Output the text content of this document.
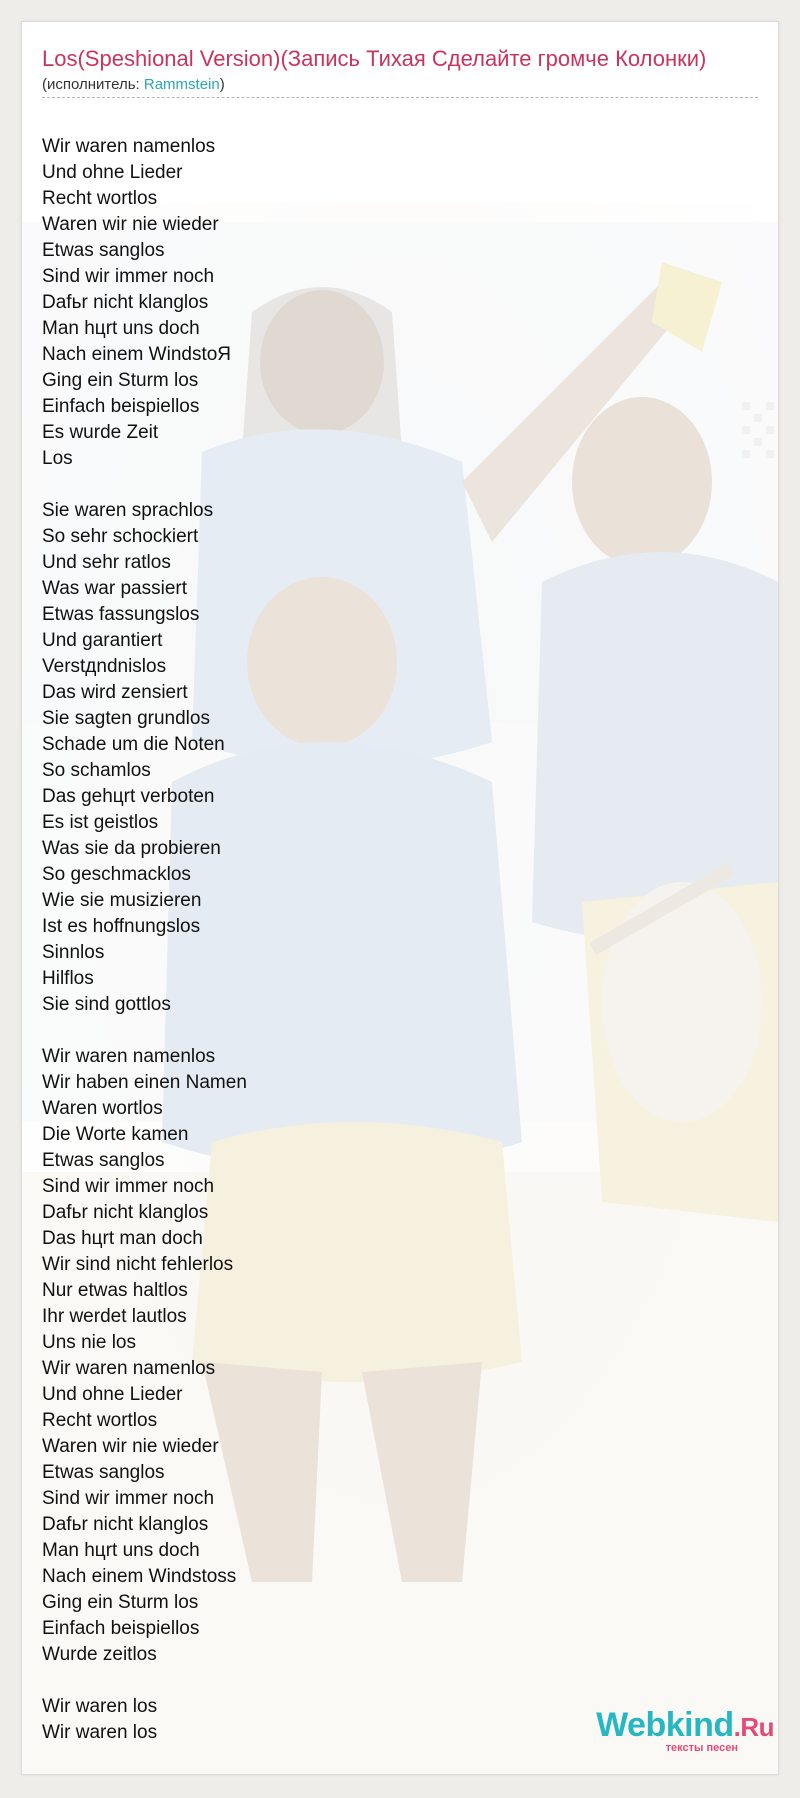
Los(Speshional Version)(Запись Тихая Сделайте громче Колонки)
(исполнитель: Rammstein)
Wir waren namenlos
Und ohne Lieder
Recht wortlos
Waren wir nie wieder
Etwas sanglos
Sind wir immer noch
Dafьr nicht klanglos
Man hцrt uns doch
Nach einem WindstoЯ
Ging ein Sturm los
Einfach beispiellos
Es wurde Zeit
Los
Sie waren sprachlos
So sehr schockiert
Und sehr ratlos
Was war passiert
Etwas fassungslos
Und garantiert
Verstдndnislos
Das wird zensiert
Sie sagten grundlos
Schade um die Noten
So schamlos
Das gehцrt verboten
Es ist geistlos
Was sie da probieren
So geschmacklos
Wie sie musizieren
Ist es hoffnungslos
Sinnlos
Hilflos
Sie sind gottlos
Wir waren namenlos
Wir haben einen Namen
Waren wortlos
Die Worte kamen
Etwas sanglos
Sind wir immer noch
Dafьr nicht klanglos
Das hцrt man doch
Wir sind nicht fehlerlos
Nur etwas haltlos
Ihr werdet lautlos
Uns nie los
Wir waren namenlos
Und ohne Lieder
Recht wortlos
Waren wir nie wieder
Etwas sanglos
Sind wir immer noch
Dafьr nicht klanglos
Man hцrt uns doch
Nach einem Windstoss
Ging ein Sturm los
Einfach beispiellos
Wurde zeitlos
Wir waren los
Wir waren los	Webkind.Ru
тексты песен
